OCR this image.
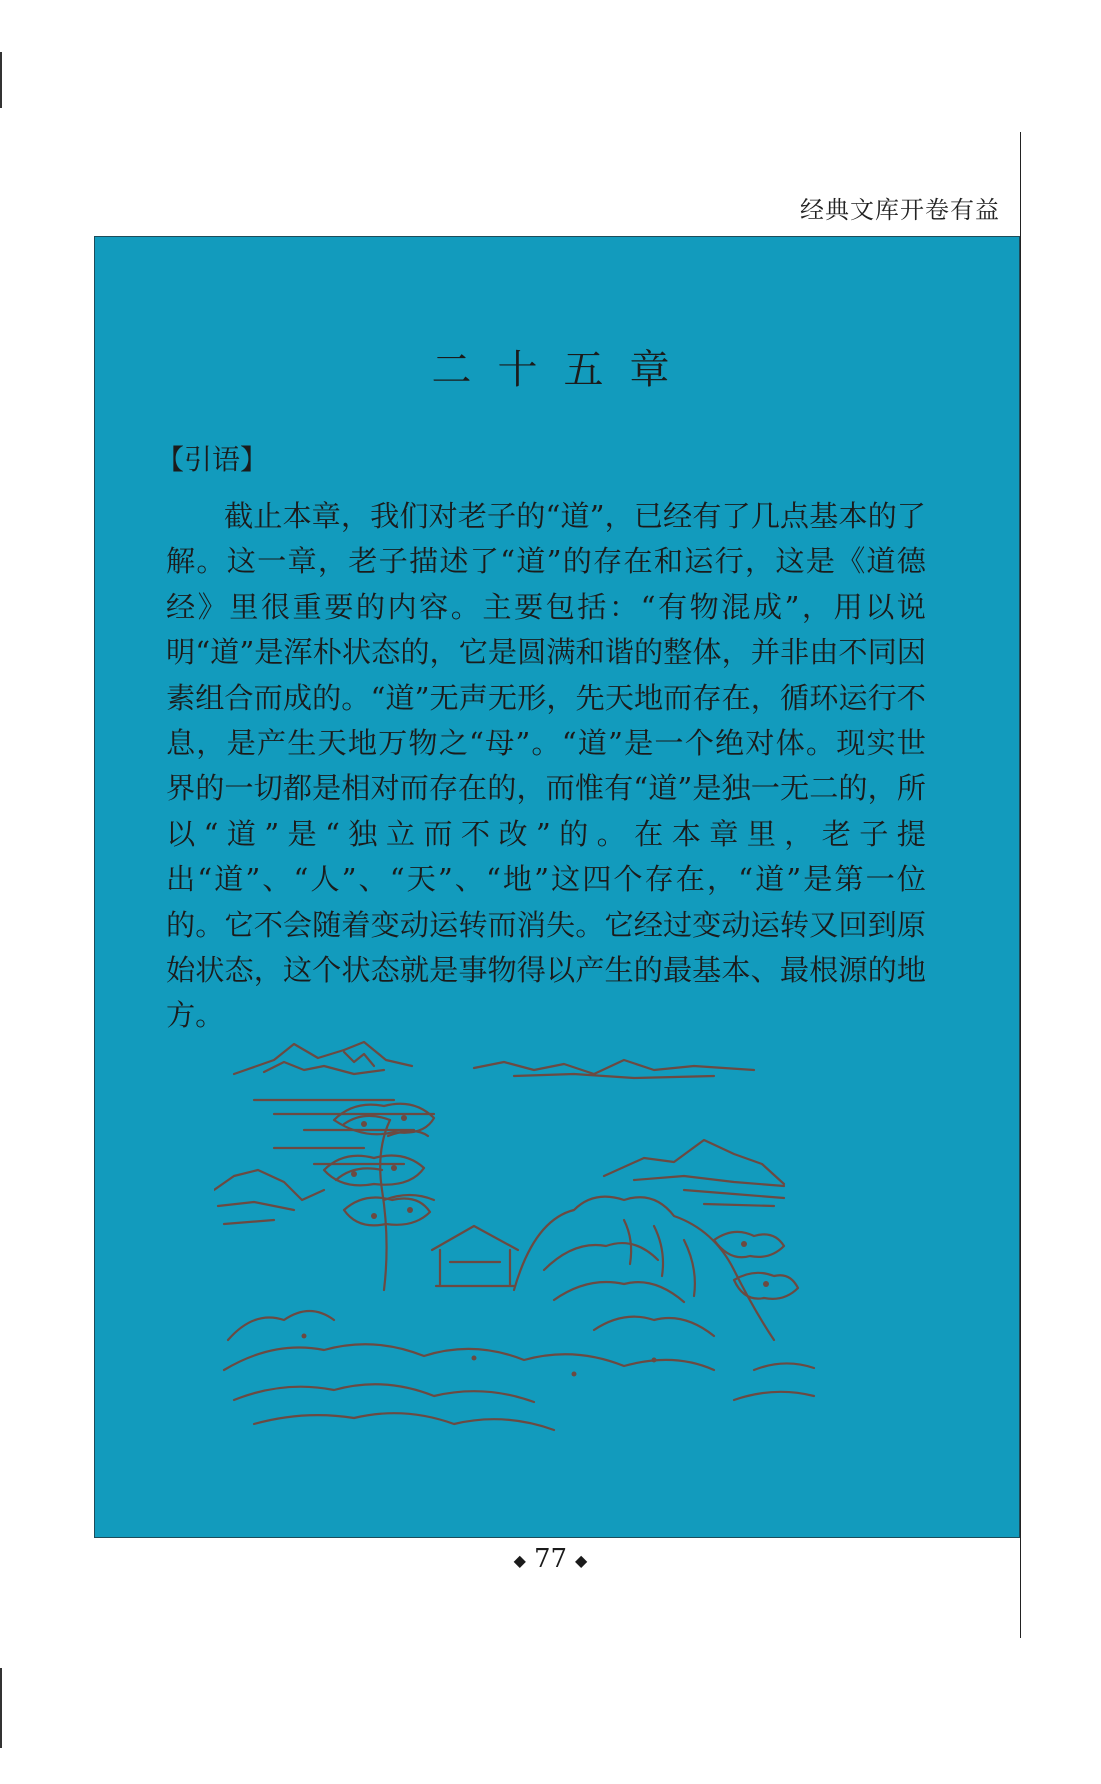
经典文库开卷有益
二十五章
【引语】

截止本章，我们对老子的“道”，已经有了几点基本的了解。这一章，老子描述了“道”的存在和运行，这是《道德经》里很重要的内容。主要包括：“有物混成”，用以说明“道”是浑朴状态的，它是圆满和谐的整体，并非由不同因素组合而成的。“道”无声无形，先天地而存在，循环运行不息，是产生天地万物之“母”。“道”是一个绝对体。现实世界的一切都是相对而存在的，而惟有“道”是独一无二的，所以“道”是“独立而不改”的。在本章里，老子提出“道”、“人”、“天”、“地”这四个存在，“道”是第一位的。它不会随着变动运转而消失。它经过变动运转又回到原始状态，这个状态就是事物得以产生的最基本、最根源的地方。

◆ 77 ◆
